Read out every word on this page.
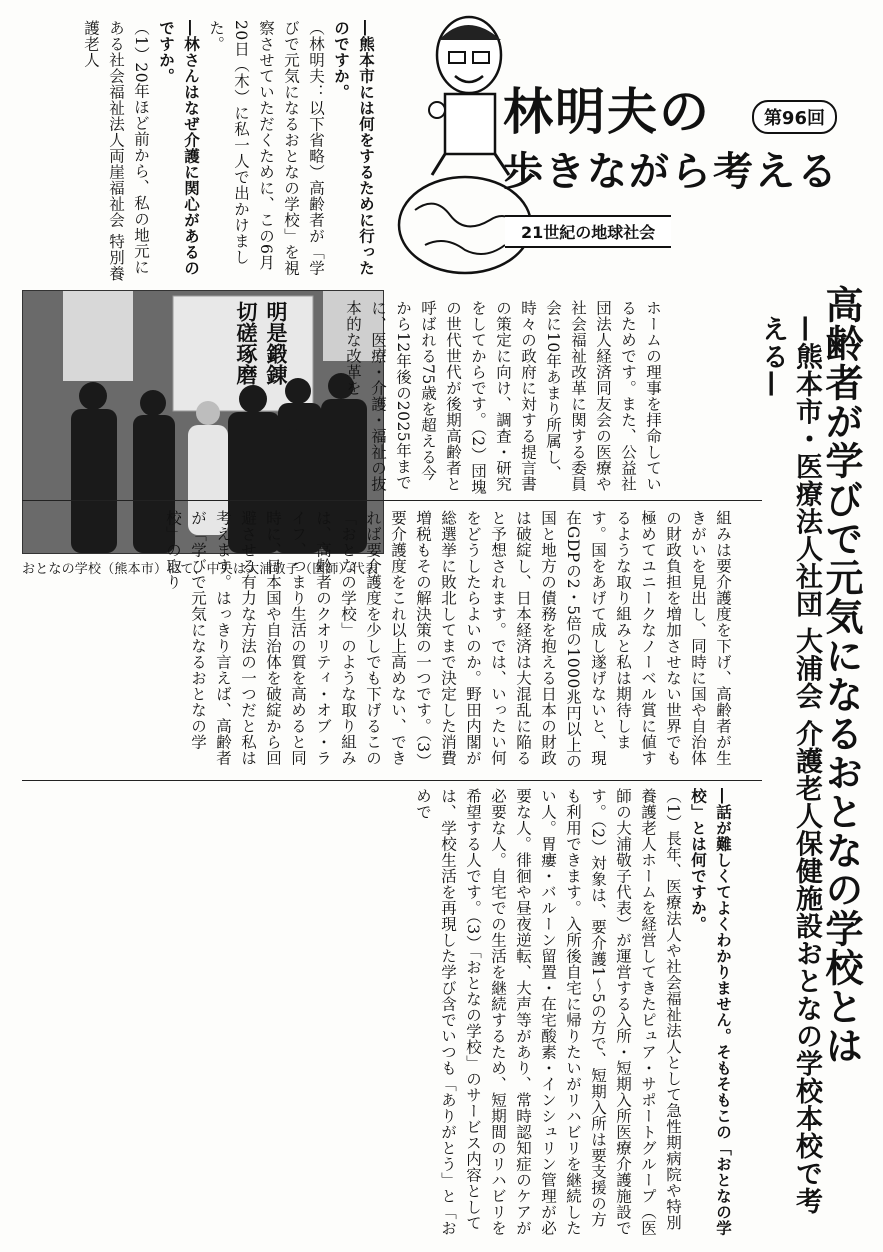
―熊本市には何をするために行ったのですか。

（林明夫：以下省略）高齢者が「学びで元気になるおとなの学校」を視察させていただくために、この6月20日（木）に私一人で出かけました。

―林さんはなぜ介護に関心があるのですか。

（1）20年ほど前から、私の地元にある社会福祉法人両崖福祉会 特別養護老人

林明夫の
歩きながら考える
第96回
21世紀の地球社会
明是鍛錬
切磋琢磨
おとなの学校（熊本市）にて、中央は大浦敬子（医師）代表

ホームの理事を拝命しているためです。また、公益社団法人経済同友会の医療や社会福祉改革に関する委員会に10年あまり所属し、時々の政府に対する提言書の策定に向け、調査・研究をしてからです。（2）団塊の世代世代が後期高齢者と呼ばれる75歳を超える今から12年後の2025年までに、医療・介護・福祉の抜本的な改革を	高齢者が学びで元気になるおとなの学校とは
—熊本市・医療法人社団 大浦会 介護老人保健施設おとなの学校本校で考える—

組みは要介護度を下げ、高齢者が生きがいを見出し、同時に国や自治体の財政負担を増加させない世界でも極めてユニークなノーベル賞に値するような取り組みと私は期待します。国をあげて成し遂げないと、現在GDPの2・5倍の1000兆円以上の国と地方の債務を抱える日本の財政は破綻し、日本経済は大混乱に陥ると予想されます。では、いったい何をどうしたらよいのか。野田内閣が総選挙に敗北してまで決定した消費増税もその解決策の一つです。（3）要介護度をこれ以上高めない、できれば要介護度を少しでも下げるこの「おとなの学校」のような取り組みは、高齢者のクオリティ・オブ・ライフ、つまり生活の質を高めると同時に、日本国や自治体を破綻から回避させる有力な方法の一つだと私は考えます。はっきり言えば、高齢者が「学びで元気になるおとなの学校」の取り

―話が難しくてよくわかりません。そもそもこの「おとなの学校」とは何ですか。

（1）長年、医療法人や社会福祉法人として急性期病院や特別養護老人ホームを経営してきたピュア・サポートグループ（医師の大浦敬子代表）が運営する入所・短期入所医療介護施設です。（2）対象は、要介護1～5の方で、短期入所は要支援の方も利用できます。入所後自宅に帰りたいがリハビリを継続したい人。胃瘻・バルーン留置・在宅酸素・インシュリン管理が必要な人。徘徊や昼夜逆転、大声等があり、常時認知症のケアが必要な人。自宅での生活を継続するため、短期間のリハビリを希望する人です。（3）「おとなの学校」のサービス内容としては、学校生活を再現した学び含でいつも「ありがとう」と「おめで
